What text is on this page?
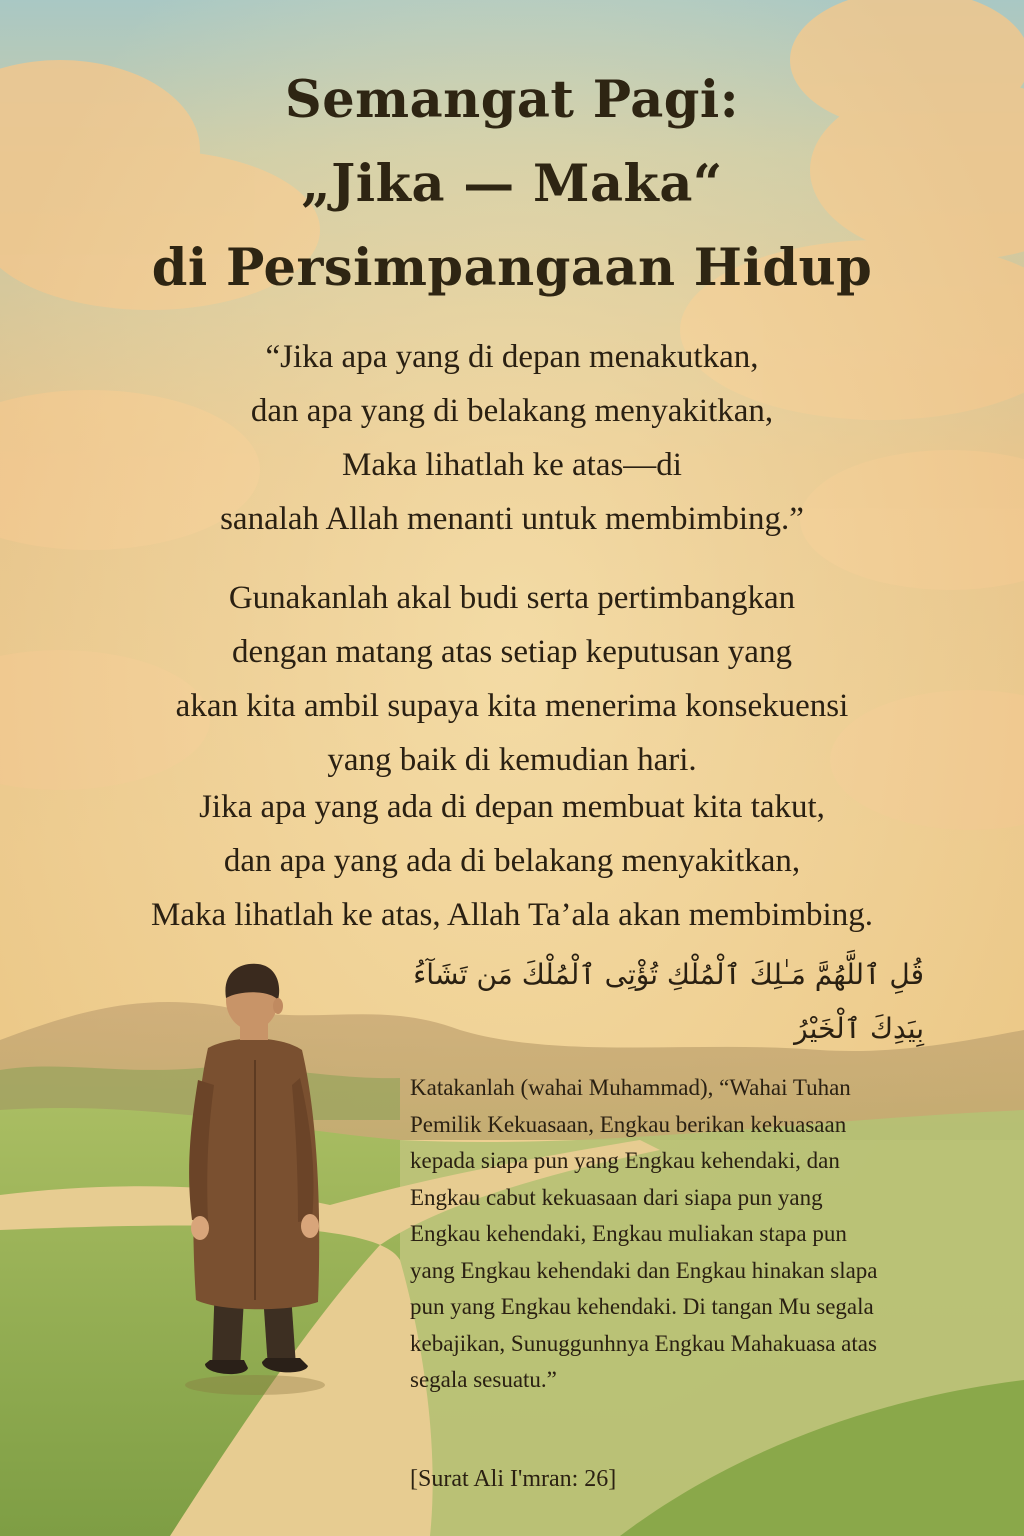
Semangat Pagi:
„Jika — Maka“
di Persimpangaan Hidup
“Jika apa yang di depan menakutkan,
dan apa yang di belakang menyakitkan,
Maka lihatlah ke atas—di
sanalah Allah menanti untuk membimbing.”
Gunakanlah akal budi serta pertimbangkan
dengan matang atas setiap keputusan yang
akan kita ambil supaya kita menerima konsekuensi
yang baik di kemudian hari.
Jika apa yang ada di depan membuat kita takut,
dan apa yang ada di belakang menyakitkan,
Maka lihatlah ke atas, Allah Ta’ala akan membimbing.
قُلِ ٱللَّهُمَّ مَـٰلِكَ ٱلْمُلْكِ تُؤْتِى ٱلْمُلْكَ مَن تَشَآءُ
بِيَدِكَ ٱلْخَيْرُ
Katakanlah (wahai Muhammad), “Wahai Tuhan
Pemilik Kekuasaan, Engkau berikan kekuasaan
kepada siapa pun yang Engkau kehendaki, dan
Engkau cabut kekuasaan dari siapa pun yang
Engkau kehendaki, Engkau muliakan stapa pun
yang Engkau kehendaki dan Engkau hinakan slapa
pun yang Engkau kehendaki. Di tangan Mu segala
kebajikan, Sunuggunhnya Engkau Mahakuasa atas
segala sesuatu.”
[Surat Ali I'mran: 26]
